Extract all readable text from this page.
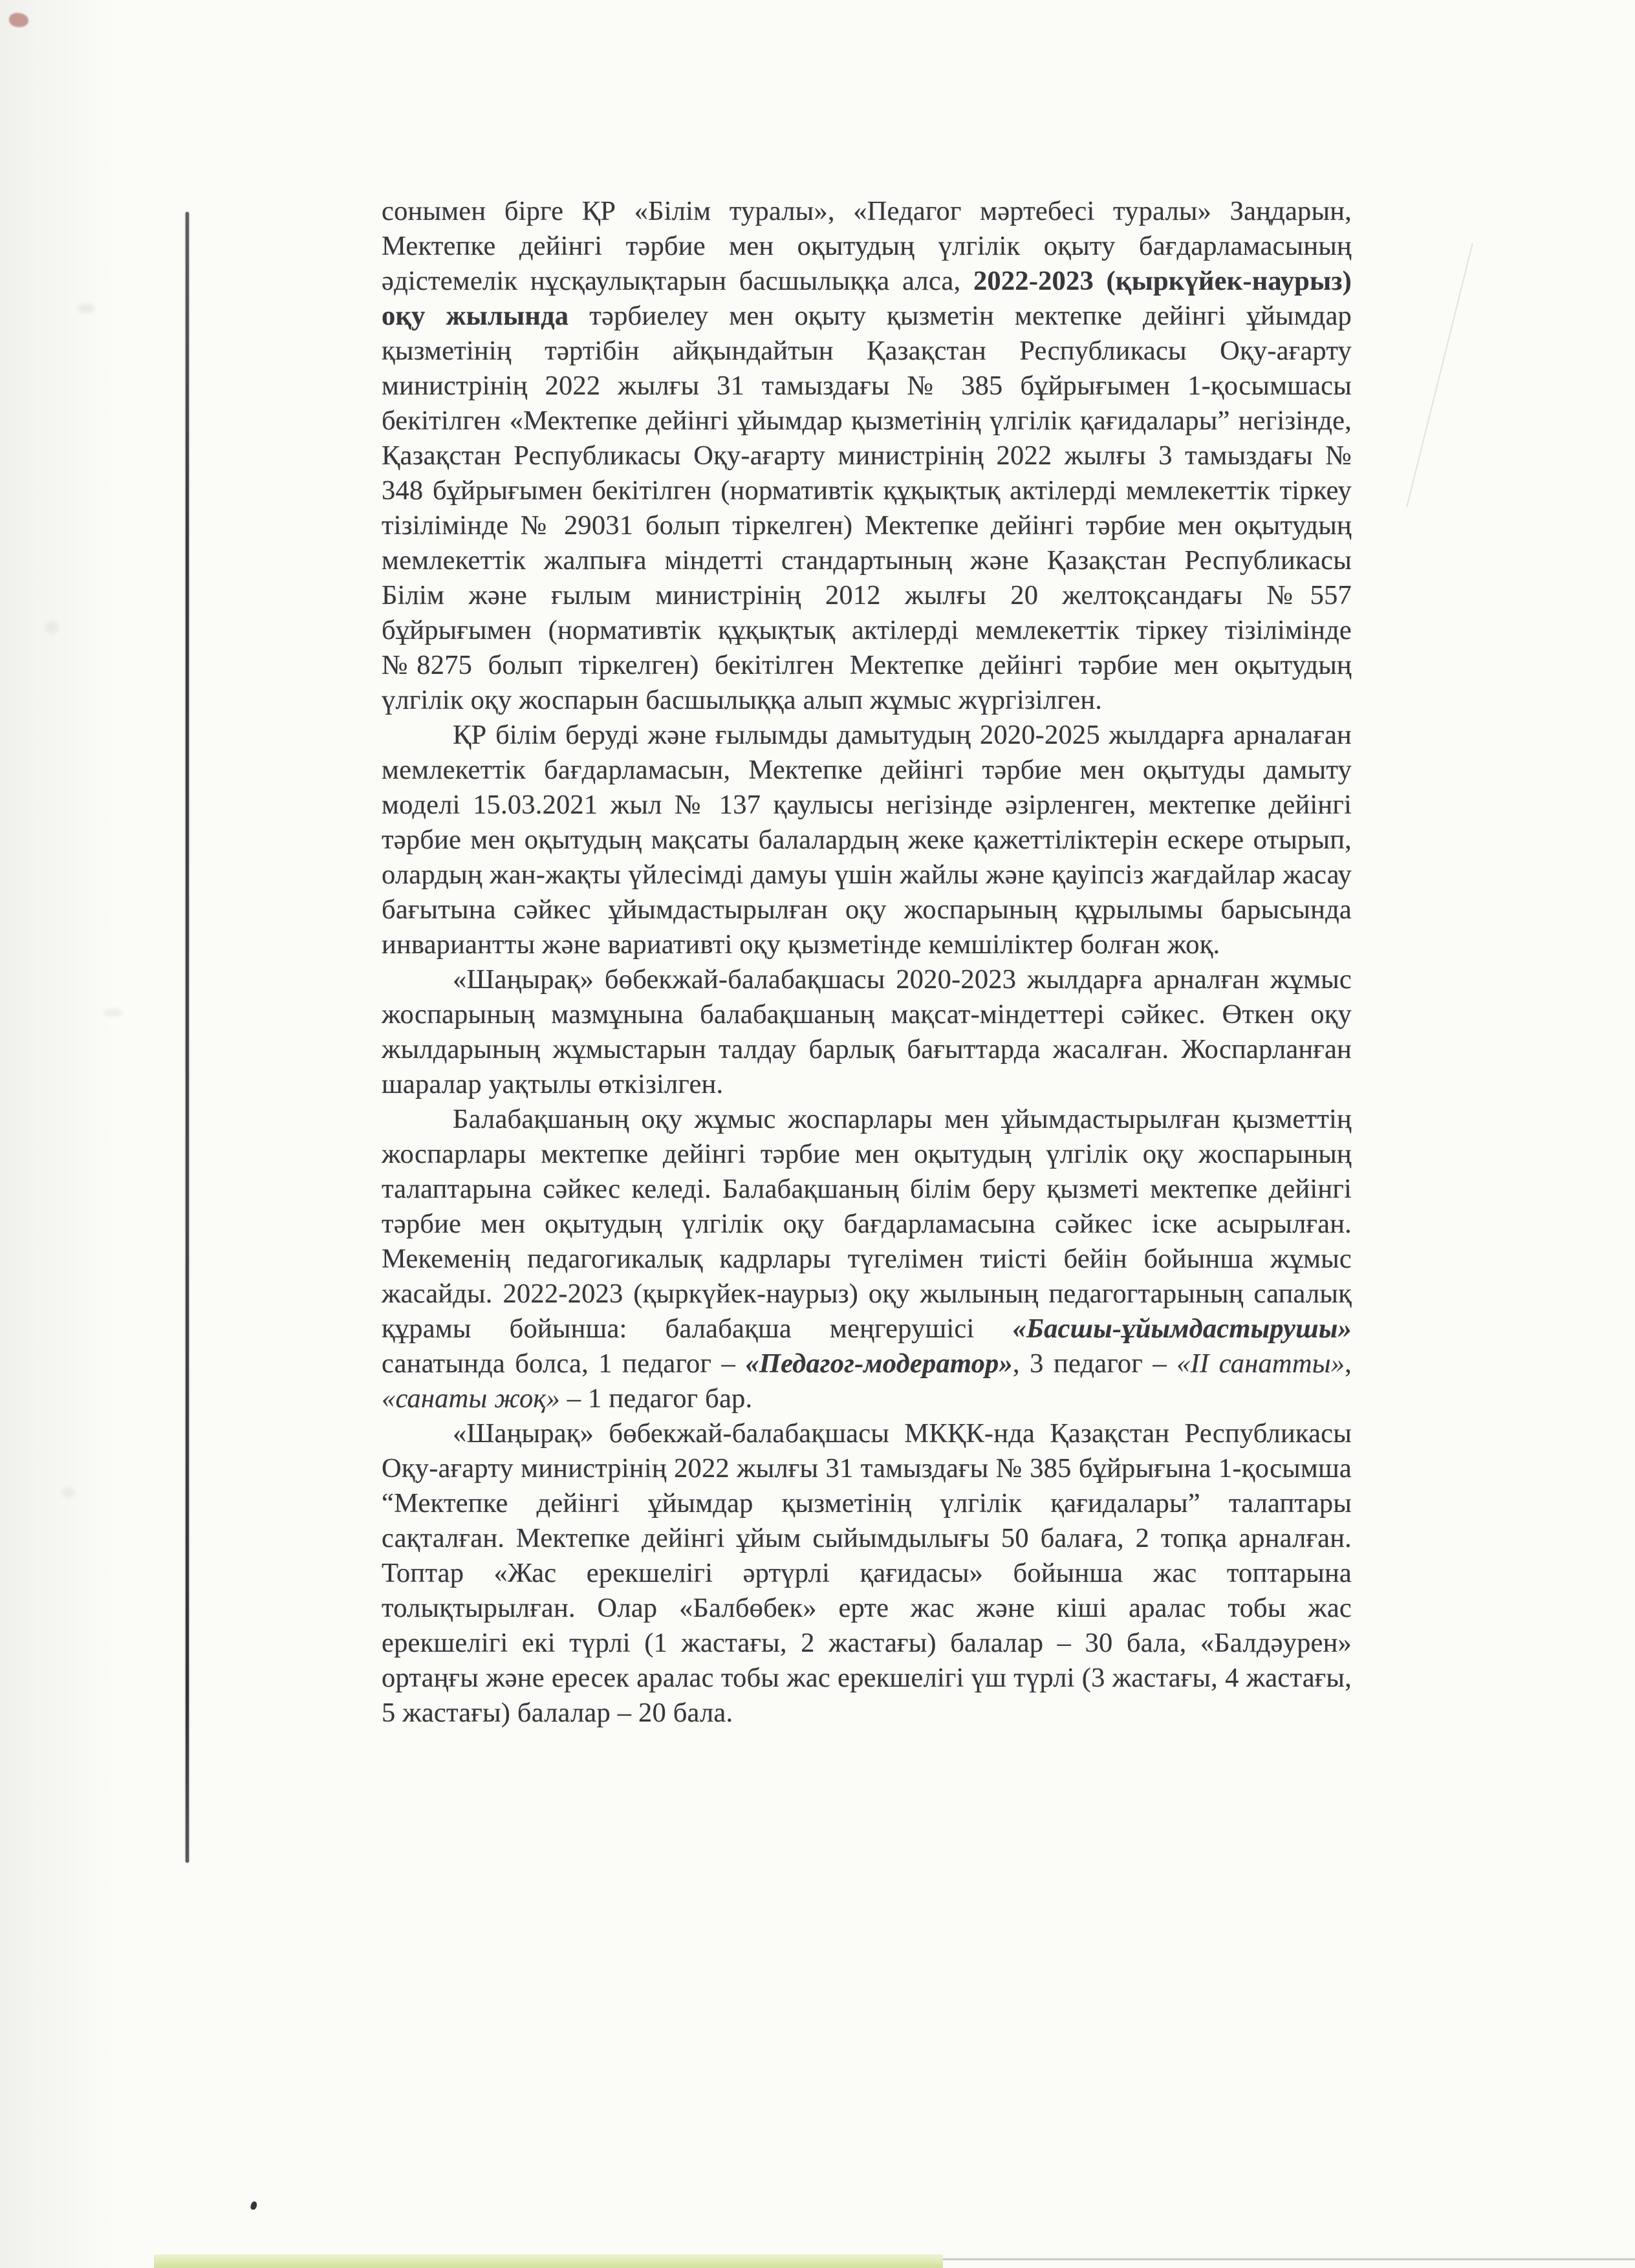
сонымен бірге ҚР «Білім туралы», «Педагог мәртебесі туралы» Заңдарын, Мектепке дейінгі тәрбие мен оқытудың үлгілік оқыту бағдарламасының әдістемелік нұсқаулықтарын басшылыққа алса, 2022-2023 (қыркүйек-наурыз) оқу жылында тәрбиелеу мен оқыту қызметін мектепке дейінгі ұйымдар қызметінің тәртібін айқындайтын Қазақстан Республикасы Оқу-ағарту министрінің 2022 жылғы 31 тамыздағы № 385 бұйрығымен 1-қосымшасы бекітілген «Мектепке дейінгі ұйымдар қызметінің үлгілік қағидалары” негізінде, Қазақстан Республикасы Оқу-ағарту министрінің 2022 жылғы 3 тамыздағы № 348 бұйрығымен бекітілген (нормативтік құқықтық актілерді мемлекеттік тіркеу тізілімінде № 29031 болып тіркелген) Мектепке дейінгі тәрбие мен оқытудың мемлекеттік жалпыға міндетті стандартының және Қазақстан Республикасы Білім және ғылым министрінің 2012 жылғы 20 желтоқсандағы №557 бұйрығымен (нормативтік құқықтық актілерді мемлекеттік тіркеу тізілімінде №8275 болып тіркелген) бекітілген Мектепке дейінгі тәрбие мен оқытудың үлгілік оқу жоспарын басшылыққа алып жұмыс жүргізілген.

ҚР білім беруді және ғылымды дамытудың 2020-2025 жылдарға арналаған мемлекеттік бағдарламасын, Мектепке дейінгі тәрбие мен оқытуды дамыту моделі 15.03.2021 жыл № 137 қаулысы негізінде әзірленген, мектепке дейінгі тәрбие мен оқытудың мақсаты балалардың жеке қажеттіліктерін ескере отырып, олардың жан-жақты үйлесімді дамуы үшін жайлы және қауіпсіз жағдайлар жасау бағытына сәйкес ұйымдастырылған оқу жоспарының құрылымы барысында инвариантты және вариативті оқу қызметінде кемшіліктер болған жоқ.

«Шаңырақ» бөбекжай-балабақшасы 2020-2023 жылдарға арналған жұмыс жоспарының мазмұнына балабақшаның мақсат-міндеттері сәйкес. Өткен оқу жылдарының жұмыстарын талдау барлық бағыттарда жасалған. Жоспарланған шаралар уақтылы өткізілген.

Балабақшаның оқу жұмыс жоспарлары мен ұйымдастырылған қызметтің жоспарлары мектепке дейінгі тәрбие мен оқытудың үлгілік оқу жоспарының талаптарына сәйкес келеді. Балабақшаның білім беру қызметі мектепке дейінгі тәрбие мен оқытудың үлгілік оқу бағдарламасына сәйкес іске асырылған. Мекеменің педагогикалық кадрлары түгелімен тиісті бейін бойынша жұмыс жасайды. 2022-2023 (қыркүйек-наурыз) оқу жылының педагогтарының сапалық құрамы бойынша: балабақша меңгерушісі «Басшы-ұйымдастырушы» санатында болса, 1 педагог – «Педагог-модератор», 3 педагог – «II санатты», «санаты жоқ» – 1 педагог бар.

«Шаңырақ» бөбекжай-балабақшасы МКҚК-нда Қазақстан Республикасы Оқу-ағарту министрінің 2022 жылғы 31 тамыздағы № 385 бұйрығына 1-қосымша “Мектепке дейінгі ұйымдар қызметінің үлгілік қағидалары” талаптары сақталған. Мектепке дейінгі ұйым сыйымдылығы 50 балаға, 2 топқа арналған. Топтар «Жас ерекшелігі әртүрлі қағидасы» бойынша жас топтарына толықтырылған. Олар «Балбөбек» ерте жас және кіші аралас тобы жас ерекшелігі екі түрлі (1 жастағы, 2 жастағы) балалар – 30 бала, «Балдәурен» ортаңғы және ересек аралас тобы жас ерекшелігі үш түрлі (3 жастағы, 4 жастағы, 5 жастағы) балалар – 20 бала.
